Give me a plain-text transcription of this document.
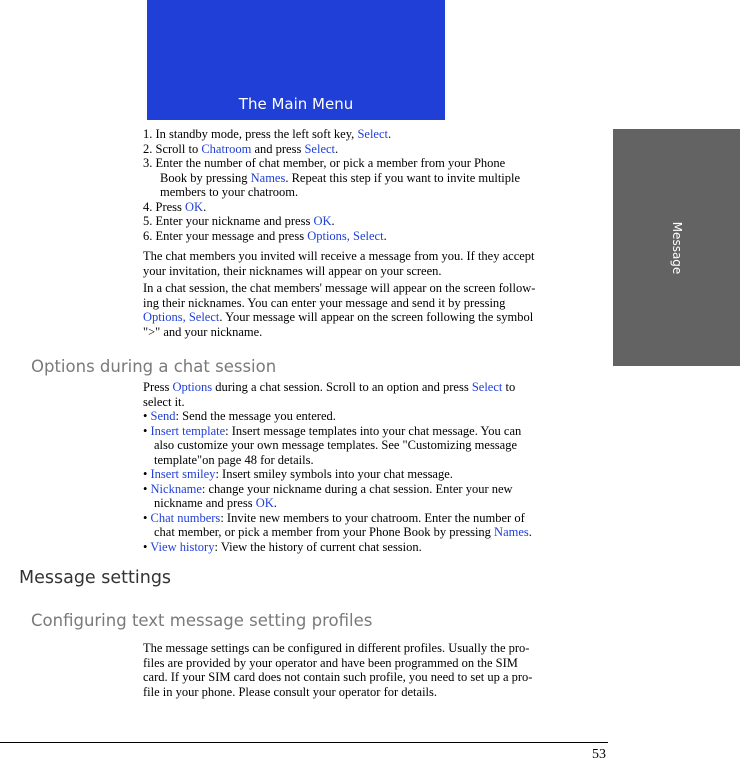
The Main Menu
Message

1. In standby mode, press the left soft key, Select.

2. Scroll to Chatroom and press Select.

3. Enter the number of chat member, or pick a member from your Phone

Book by pressing Names. Repeat this step if you want to invite multiple

members to your chatroom.

4. Press OK.

5. Enter your nickname and press OK.

6. Enter your message and press Options, Select.

The chat members you invited will receive a message from you. If they accept
your invitation, their nicknames will appear on your screen.
In a chat session, the chat members' message will appear on the screen follow-
ing their nicknames. You can enter your message and send it by pressing
Options, Select. Your message will appear on the screen following the symbol
">" and your nickname.
Options during a chat session
Press Options during a chat session. Scroll to an option and press Select to
select it.
• Send: Send the message you entered.
• Insert template: Insert message templates into your chat message. You can
also customize your own message templates. See "Customizing message
template"on page 48 for details.
• Insert smiley: Insert smiley symbols into your chat message.
• Nickname: change your nickname during a chat session. Enter your new
nickname and press OK.
• Chat numbers: Invite new members to your chatroom. Enter the number of
chat member, or pick a member from your Phone Book by pressing Names.
• View history: View the history of current chat session.
Message settings
Configuring text message setting profiles
The message settings can be configured in different profiles. Usually the pro-
files are provided by your operator and have been programmed on the SIM
card. If your SIM card does not contain such profile, you need to set up a pro-
file in your phone. Please consult your operator for details.
53
